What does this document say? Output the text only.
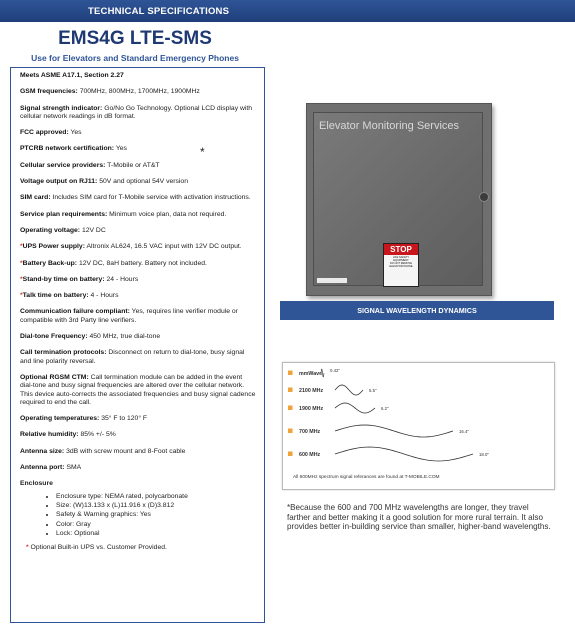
TECHNICAL SPECIFICATIONS
EMS4G LTE-SMS
Use for Elevators and Standard Emergency Phones
Meets ASME A17.1, Section 2.27
GSM frequencies: 700MHz, 800MHz, 1700MHz, 1900MHz
Signal strength indicator: Go/No Go Technology. Optional LCD display with cellular network readings in dB format.
FCC approved: Yes
PTCRB network certification: Yes
Cellular service providers: T-Mobile or AT&T
Voltage output on RJ11: 50V and optional 54V version
SIM card: Includes SIM card for T-Mobile service with activation instructions.
Service plan requirements: Minimum voice plan, data not required.
Operating voltage: 12V DC
*UPS Power supply: Altronix AL624, 16.5 VAC input with 12V DC output.
*Battery Back-up: 12V DC, 8aH battery. Battery not included.
*Stand-by time on battery: 24 - Hours
*Talk time on battery: 4 - Hours
Communication failure compliant: Yes, requires line verifier module or compatible with 3rd Party line verifiers.
Dial-tone Frequency: 450 MHz, true dial-tone
Call termination protocols: Disconnect on return to dial-tone, busy signal and line polarity reversal.
Optional RGSM CTM: Call termination module can be added in the event dial-tone and busy signal frequencies are altered over the cellular network. This device auto-corrects the associated frequencies and busy signal cadence required to end the call.
Operating temperatures: 35° F to 120° F
Relative humidity: 85% +/- 5%
Antenna size: 3dB with screw mount and 8-Foot cable
Antenna port: SMA
Enclosure
• Enclosure type: NEMA rated, polycarbonate
• Size: (W)13.133 x (L)11.916 x (D)3.812
• Safety & Warning graphics: Yes
• Color: Gray
• Lock: Optional
* Optional Built-in UPS vs. Customer Provided.
*
Elevator Monitoring Services
STOP
LIFE SAFETY
EQUIPMENT
DO NOT REMOVE
ELEVATOR PHONE
SIGNAL WAVELENGTH DYNAMICS
mmWave
0.42"
2100 MHz	5.5"
1900 MHz	6.2"
700 MHz	16.4"
600 MHz	18.0"
All 600MHz spectrum signal referances are found at T-MOBILE.COM
*Because the 600 and 700 MHz wavelengths are longer, they travel farther and better making it a good solution for more rural terrain. It also provides better in-building service than smaller, higher-band wavelengths.
